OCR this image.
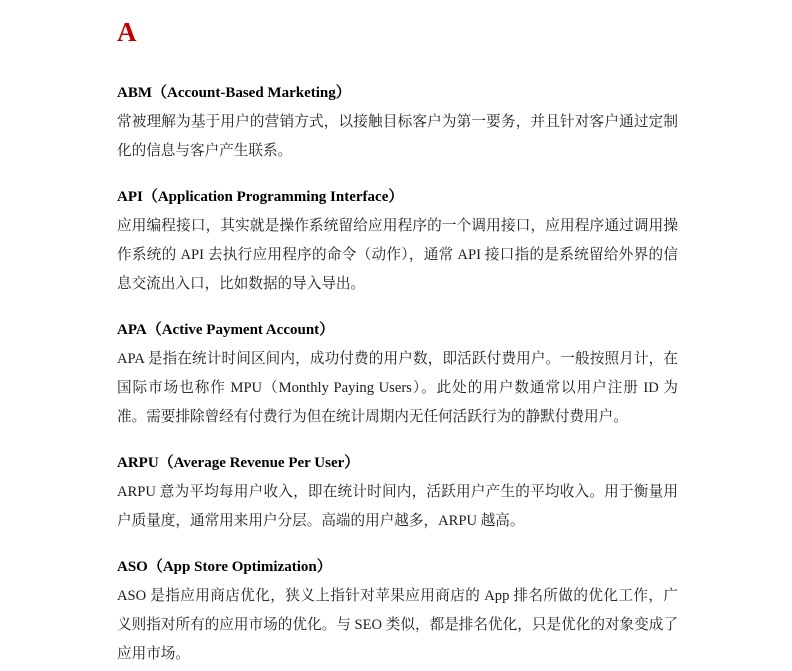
A
ABM（Account-Based Marketing）

常被理解为基于用户的营销方式，以接触目标客户为第一要务，并且针对客户通过定制化的信息与客户产生联系。

API（Application Programming Interface）

应用编程接口，其实就是操作系统留给应用程序的一个调用接口，应用程序通过调用操作系统的 API 去执行应用程序的命令（动作），通常 API 接口指的是系统留给外界的信息交流出入口，比如数据的导入导出。

APA（Active Payment Account）

APA 是指在统计时间区间内，成功付费的用户数，即活跃付费用户。一般按照月计，在国际市场也称作 MPU（Monthly Paying Users）。此处的用户数通常以用户注册 ID 为准。需要排除曾经有付费行为但在统计周期内无任何活跃行为的静默付费用户。

ARPU（Average Revenue Per User）

ARPU 意为平均每用户收入，即在统计时间内，活跃用户产生的平均收入。用于衡量用户质量度，通常用来用户分层。高端的用户越多，ARPU 越高。

ASO（App Store Optimization）

ASO 是指应用商店优化，狭义上指针对苹果应用商店的 App 排名所做的优化工作，广义则指对所有的应用市场的优化。与 SEO 类似，都是排名优化，只是优化的对象变成了应用市场。
